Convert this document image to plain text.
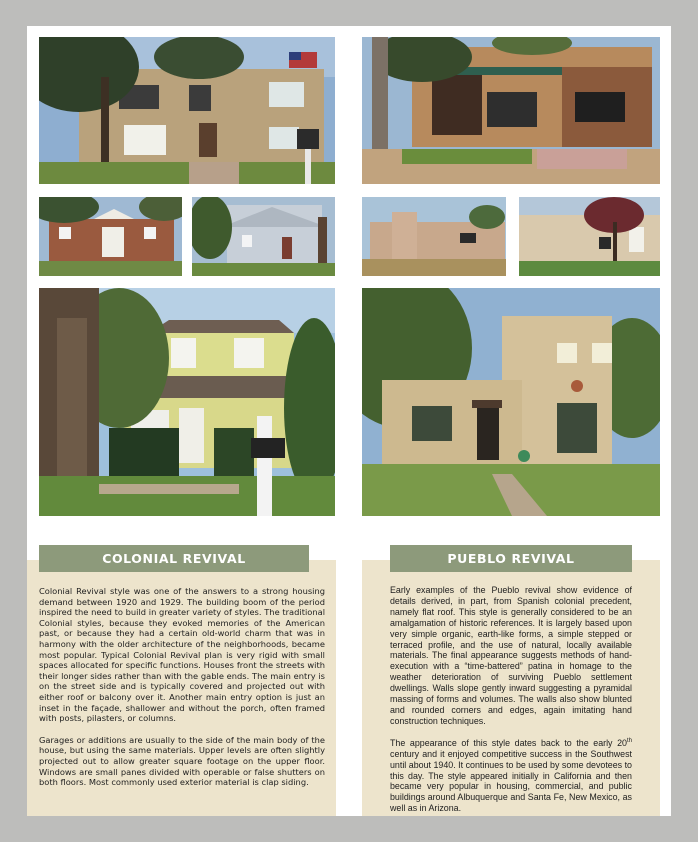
COLONIAL REVIVAL

Colonial Revival style was one of the answers to a strong housing demand between 1920 and 1929. The building boom of the period inspired the need to build in greater variety of styles. The traditional Colonial styles, because they evoked memories of the American past, or because they had a certain old-world charm that was in harmony with the older architecture of the neighborhoods, became most popular. Typical Colonial Revival plan is very rigid with small spaces allocated for specific functions. Houses front the streets with their longer sides rather than with the gable ends. The main entry is on the street side and is typically covered and projected out with either roof or balcony over it. Another main entry option is just an inset in the façade, shallower and without the porch, often framed with posts, pilasters, or columns.

Garages or additions are usually to the side of the main body of the house, but using the same materials. Upper levels are often slightly projected out to allow greater square footage on the upper floor. Windows are small panes divided with operable or false shutters on both floors. Most commonly used exterior material is clap siding.

PUEBLO REVIVAL

Early examples of the Pueblo revival show evidence of details derived, in part, from Spanish colonial precedent, namely flat roof. This style is generally considered to be an amalgamation of historic references. It is largely based upon very simple organic, earth-like forms, a simple stepped or terraced profile, and the use of natural, locally available materials. The final appearance suggests methods of hand-execution with a “time-battered” patina in homage to the weather deterioration of surviving Pueblo settlement dwellings. Walls slope gently inward suggesting a pyramidal massing of forms and volumes. The walls also show blunted and rounded corners and edges, again imitating hand construction techniques.

The appearance of this style dates back to the early 20th century and it enjoyed competitive success in the Southwest until about 1940. It continues to be used by some devotees to this day. The style appeared initially in California and then became very popular in housing, commercial, and public buildings around Albuquerque and Santa Fe, New Mexico, as well as in Arizona.
